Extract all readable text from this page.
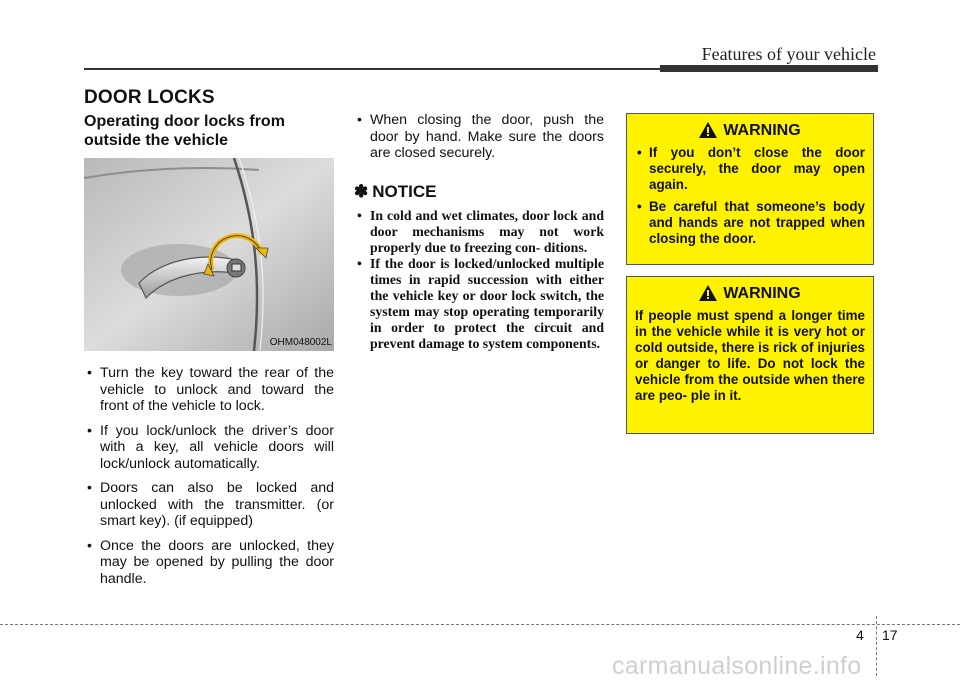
Features of your vehicle
DOOR LOCKS
Operating door locks from outside the vehicle
OHM048002L
• Turn the key toward the rear of the vehicle to unlock and toward the front of the vehicle to lock.
• If you lock/unlock the driver’s door with a key, all vehicle doors will lock/unlock automatically.
• Doors can also be locked and unlocked with the transmitter. (or smart key). (if equipped)
• Once the doors are unlocked, they may be opened by pulling the door handle.
• When closing the door, push the door by hand. Make sure the doors are closed securely.
✽ NOTICE
• In cold and wet climates, door lock and door mechanisms may not work properly due to freezing con- ditions.
• If the door is locked/unlocked multiple times in rapid succession with either the vehicle key or door lock switch, the system may stop operating temporarily in order to protect the circuit and prevent damage to system components.
WARNING
• If you don’t close the door securely, the door may open again.
• Be careful that someone’s body and hands are not trapped when closing the door.
WARNING
If people must spend a longer time in the vehicle while it is very hot or cold outside, there is rick of injuries or danger to life. Do not lock the vehicle from the outside when there are peo- ple in it.
4 17
carmanualsonline.info
